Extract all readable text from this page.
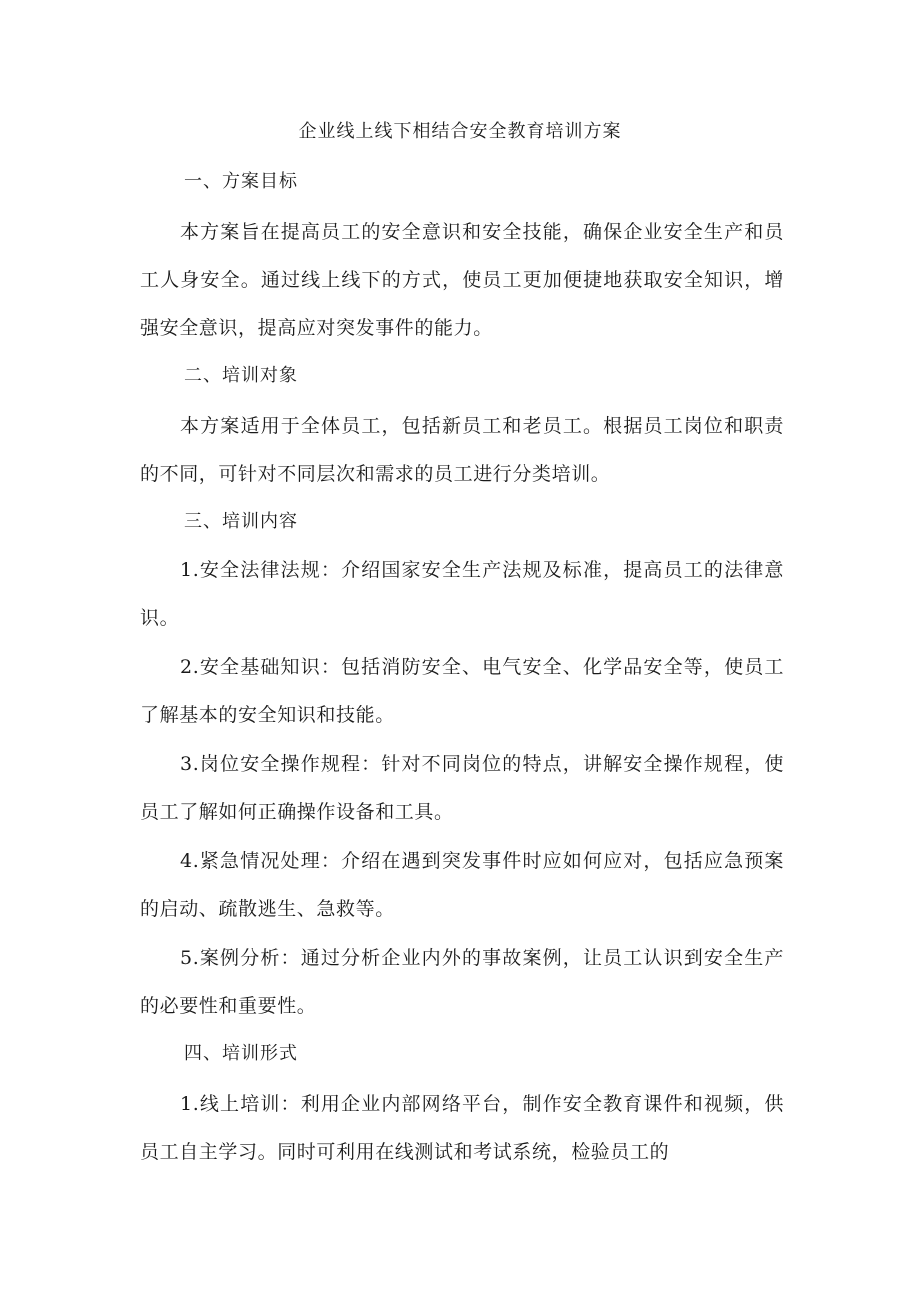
企业线上线下相结合安全教育培训方案
一、方案目标

本方案旨在提高员工的安全意识和安全技能，确保企业安全生产和员工人身安全。通过线上线下的方式，使员工更加便捷地获取安全知识，增强安全意识，提高应对突发事件的能力。

二、培训对象

本方案适用于全体员工，包括新员工和老员工。根据员工岗位和职责的不同，可针对不同层次和需求的员工进行分类培训。

三、培训内容

1.安全法律法规：介绍国家安全生产法规及标准，提高员工的法律意识。

2.安全基础知识：包括消防安全、电气安全、化学品安全等，使员工了解基本的安全知识和技能。

3.岗位安全操作规程：针对不同岗位的特点，讲解安全操作规程，使员工了解如何正确操作设备和工具。

4.紧急情况处理：介绍在遇到突发事件时应如何应对，包括应急预案的启动、疏散逃生、急救等。

5.案例分析：通过分析企业内外的事故案例，让员工认识到安全生产的必要性和重要性。

四、培训形式

1.线上培训：利用企业内部网络平台，制作安全教育课件和视频，供员工自主学习。同时可利用在线测试和考试系统，检验员工的
